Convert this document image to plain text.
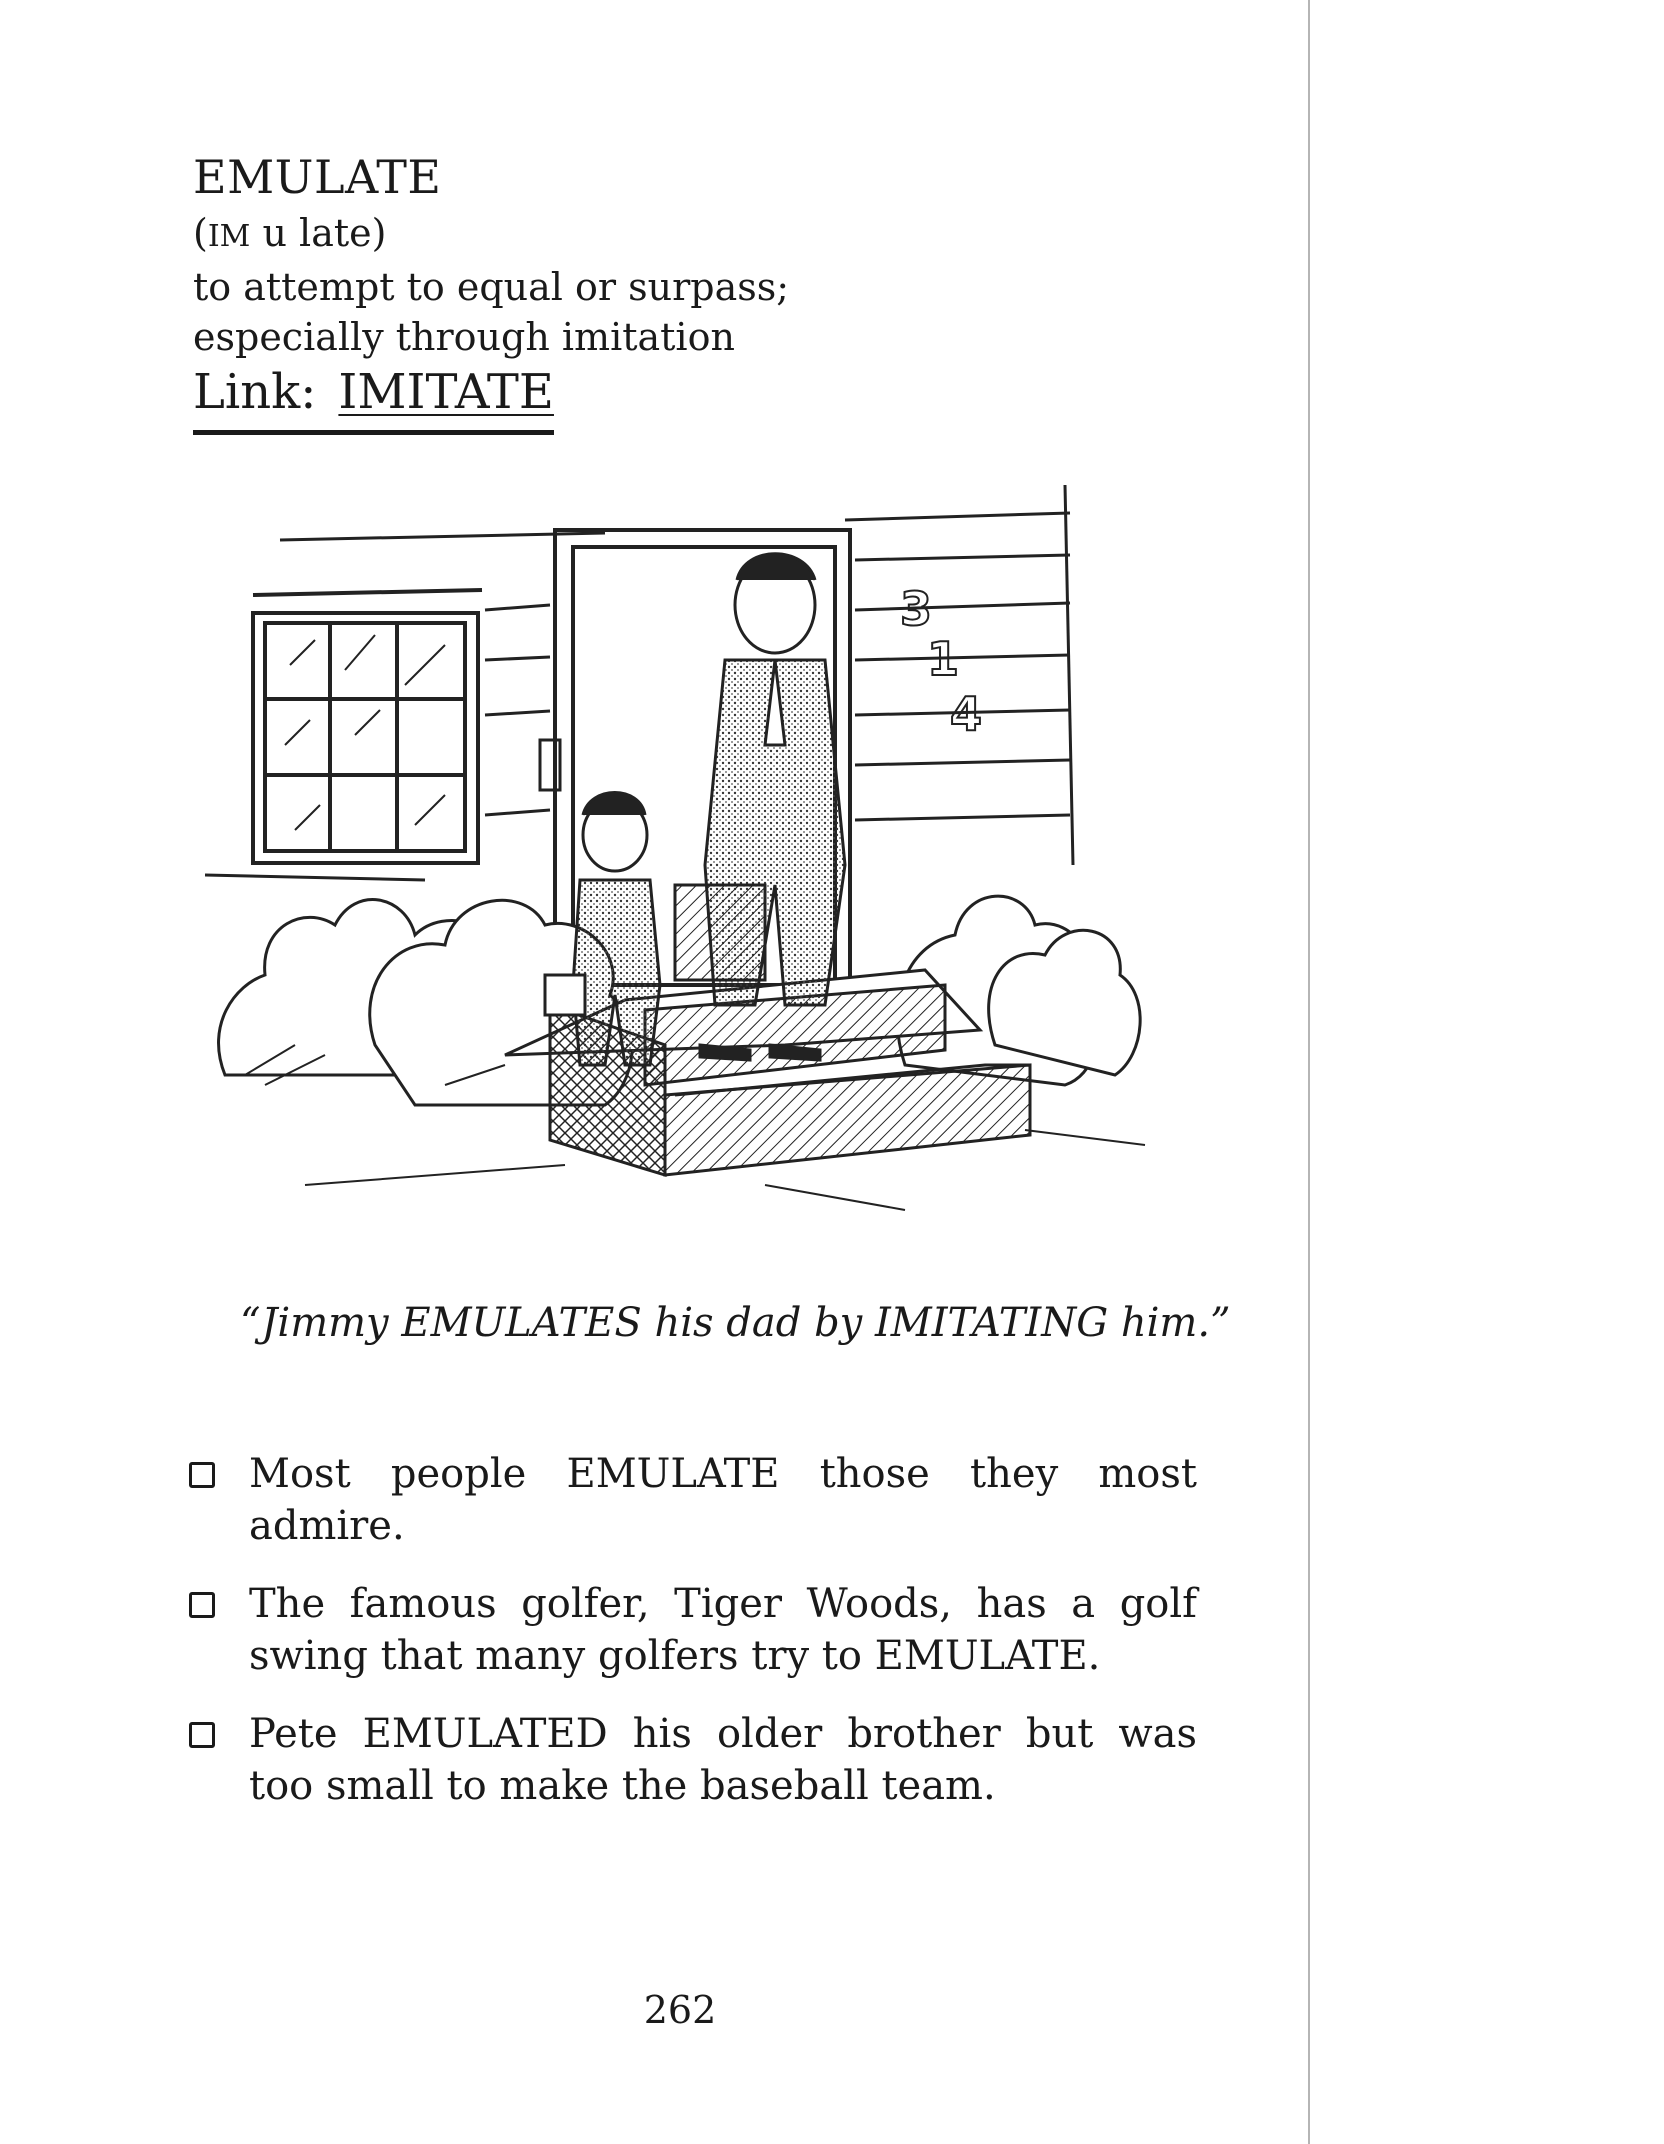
EMULATE

(IM u late)

to attempt to equal or surpass;

especially through imitation

Link: IMITATE

3
1
4

“Jimmy EMULATES his dad by IMITATING him.”

Most people EMULATE those they most admire.
The famous golfer, Tiger Woods, has a golf swing that many golfers try to EMULATE.
Pete EMULATED his older brother but was too small to make the baseball team.

262
